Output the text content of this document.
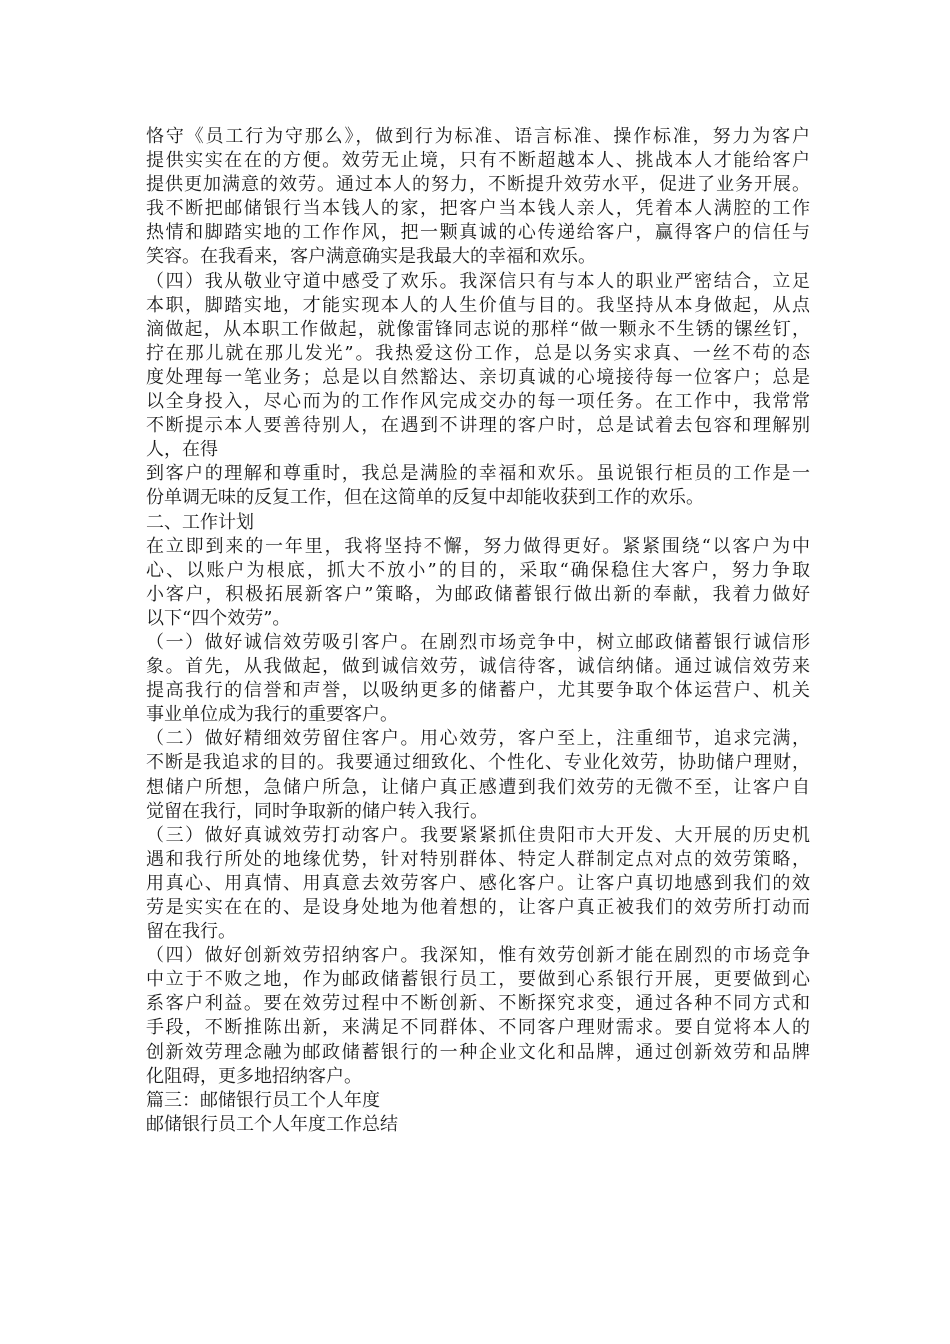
恪守《员工行为守那么》，做到行为标准、语言标准、操作标准，努力为客户
提供实实在在的方便。效劳无止境，只有不断超越本人、挑战本人才能给客户
提供更加满意的效劳。通过本人的努力，不断提升效劳水平，促进了业务开展。
我不断把邮储银行当本钱人的家，把客户当本钱人亲人，凭着本人满腔的工作
热情和脚踏实地的工作作风，把一颗真诚的心传递给客户，赢得客户的信任与
笑容。在我看来，客户满意确实是我最大的幸福和欢乐。
（四）我从敬业守道中感受了欢乐。我深信只有与本人的职业严密结合，立足
本职，脚踏实地，才能实现本人的人生价值与目的。我坚持从本身做起，从点
滴做起，从本职工作做起，就像雷锋同志说的那样“做一颗永不生锈的镙丝钉，
拧在那儿就在那儿发光”。我热爱这份工作，总是以务实求真、一丝不苟的态
度处理每一笔业务；总是以自然豁达、亲切真诚的心境接待每一位客户；总是
以全身投入，尽心而为的工作作风完成交办的每一项任务。在工作中，我常常
不断提示本人要善待别人，在遇到不讲理的客户时，总是试着去包容和理解别
人，在得
到客户的理解和尊重时，我总是满脸的幸福和欢乐。虽说银行柜员的工作是一
份单调无味的反复工作，但在这简单的反复中却能收获到工作的欢乐。
二、工作计划
在立即到来的一年里，我将坚持不懈，努力做得更好。紧紧围绕“以客户为中
心、以账户为根底，抓大不放小”的目的，采取“确保稳住大客户，努力争取
小客户，积极拓展新客户”策略，为邮政储蓄银行做出新的奉献，我着力做好
以下“四个效劳”。
（一）做好诚信效劳吸引客户。在剧烈市场竞争中，树立邮政储蓄银行诚信形
象。首先，从我做起，做到诚信效劳，诚信待客，诚信纳储。通过诚信效劳来
提高我行的信誉和声誉，以吸纳更多的储蓄户，尤其要争取个体运营户、机关
事业单位成为我行的重要客户。
（二）做好精细效劳留住客户。用心效劳，客户至上，注重细节，追求完满，
不断是我追求的目的。我要通过细致化、个性化、专业化效劳，协助储户理财，
想储户所想，急储户所急，让储户真正感遭到我们效劳的无微不至，让客户自
觉留在我行，同时争取新的储户转入我行。
（三）做好真诚效劳打动客户。我要紧紧抓住贵阳市大开发、大开展的历史机
遇和我行所处的地缘优势，针对特别群体、特定人群制定点对点的效劳策略，
用真心、用真情、用真意去效劳客户、感化客户。让客户真切地感到我们的效
劳是实实在在的、是设身处地为他着想的，让客户真正被我们的效劳所打动而
留在我行。
（四）做好创新效劳招纳客户。我深知，惟有效劳创新才能在剧烈的市场竞争
中立于不败之地，作为邮政储蓄银行员工，要做到心系银行开展，更要做到心
系客户利益。要在效劳过程中不断创新、不断探究求变，通过各种不同方式和
手段，不断推陈出新，来满足不同群体、不同客户理财需求。要自觉将本人的
创新效劳理念融为邮政储蓄银行的一种企业文化和品牌，通过创新效劳和品牌
化阻碍，更多地招纳客户。
篇三：邮储银行员工个人年度
邮储银行员工个人年度工作总结
